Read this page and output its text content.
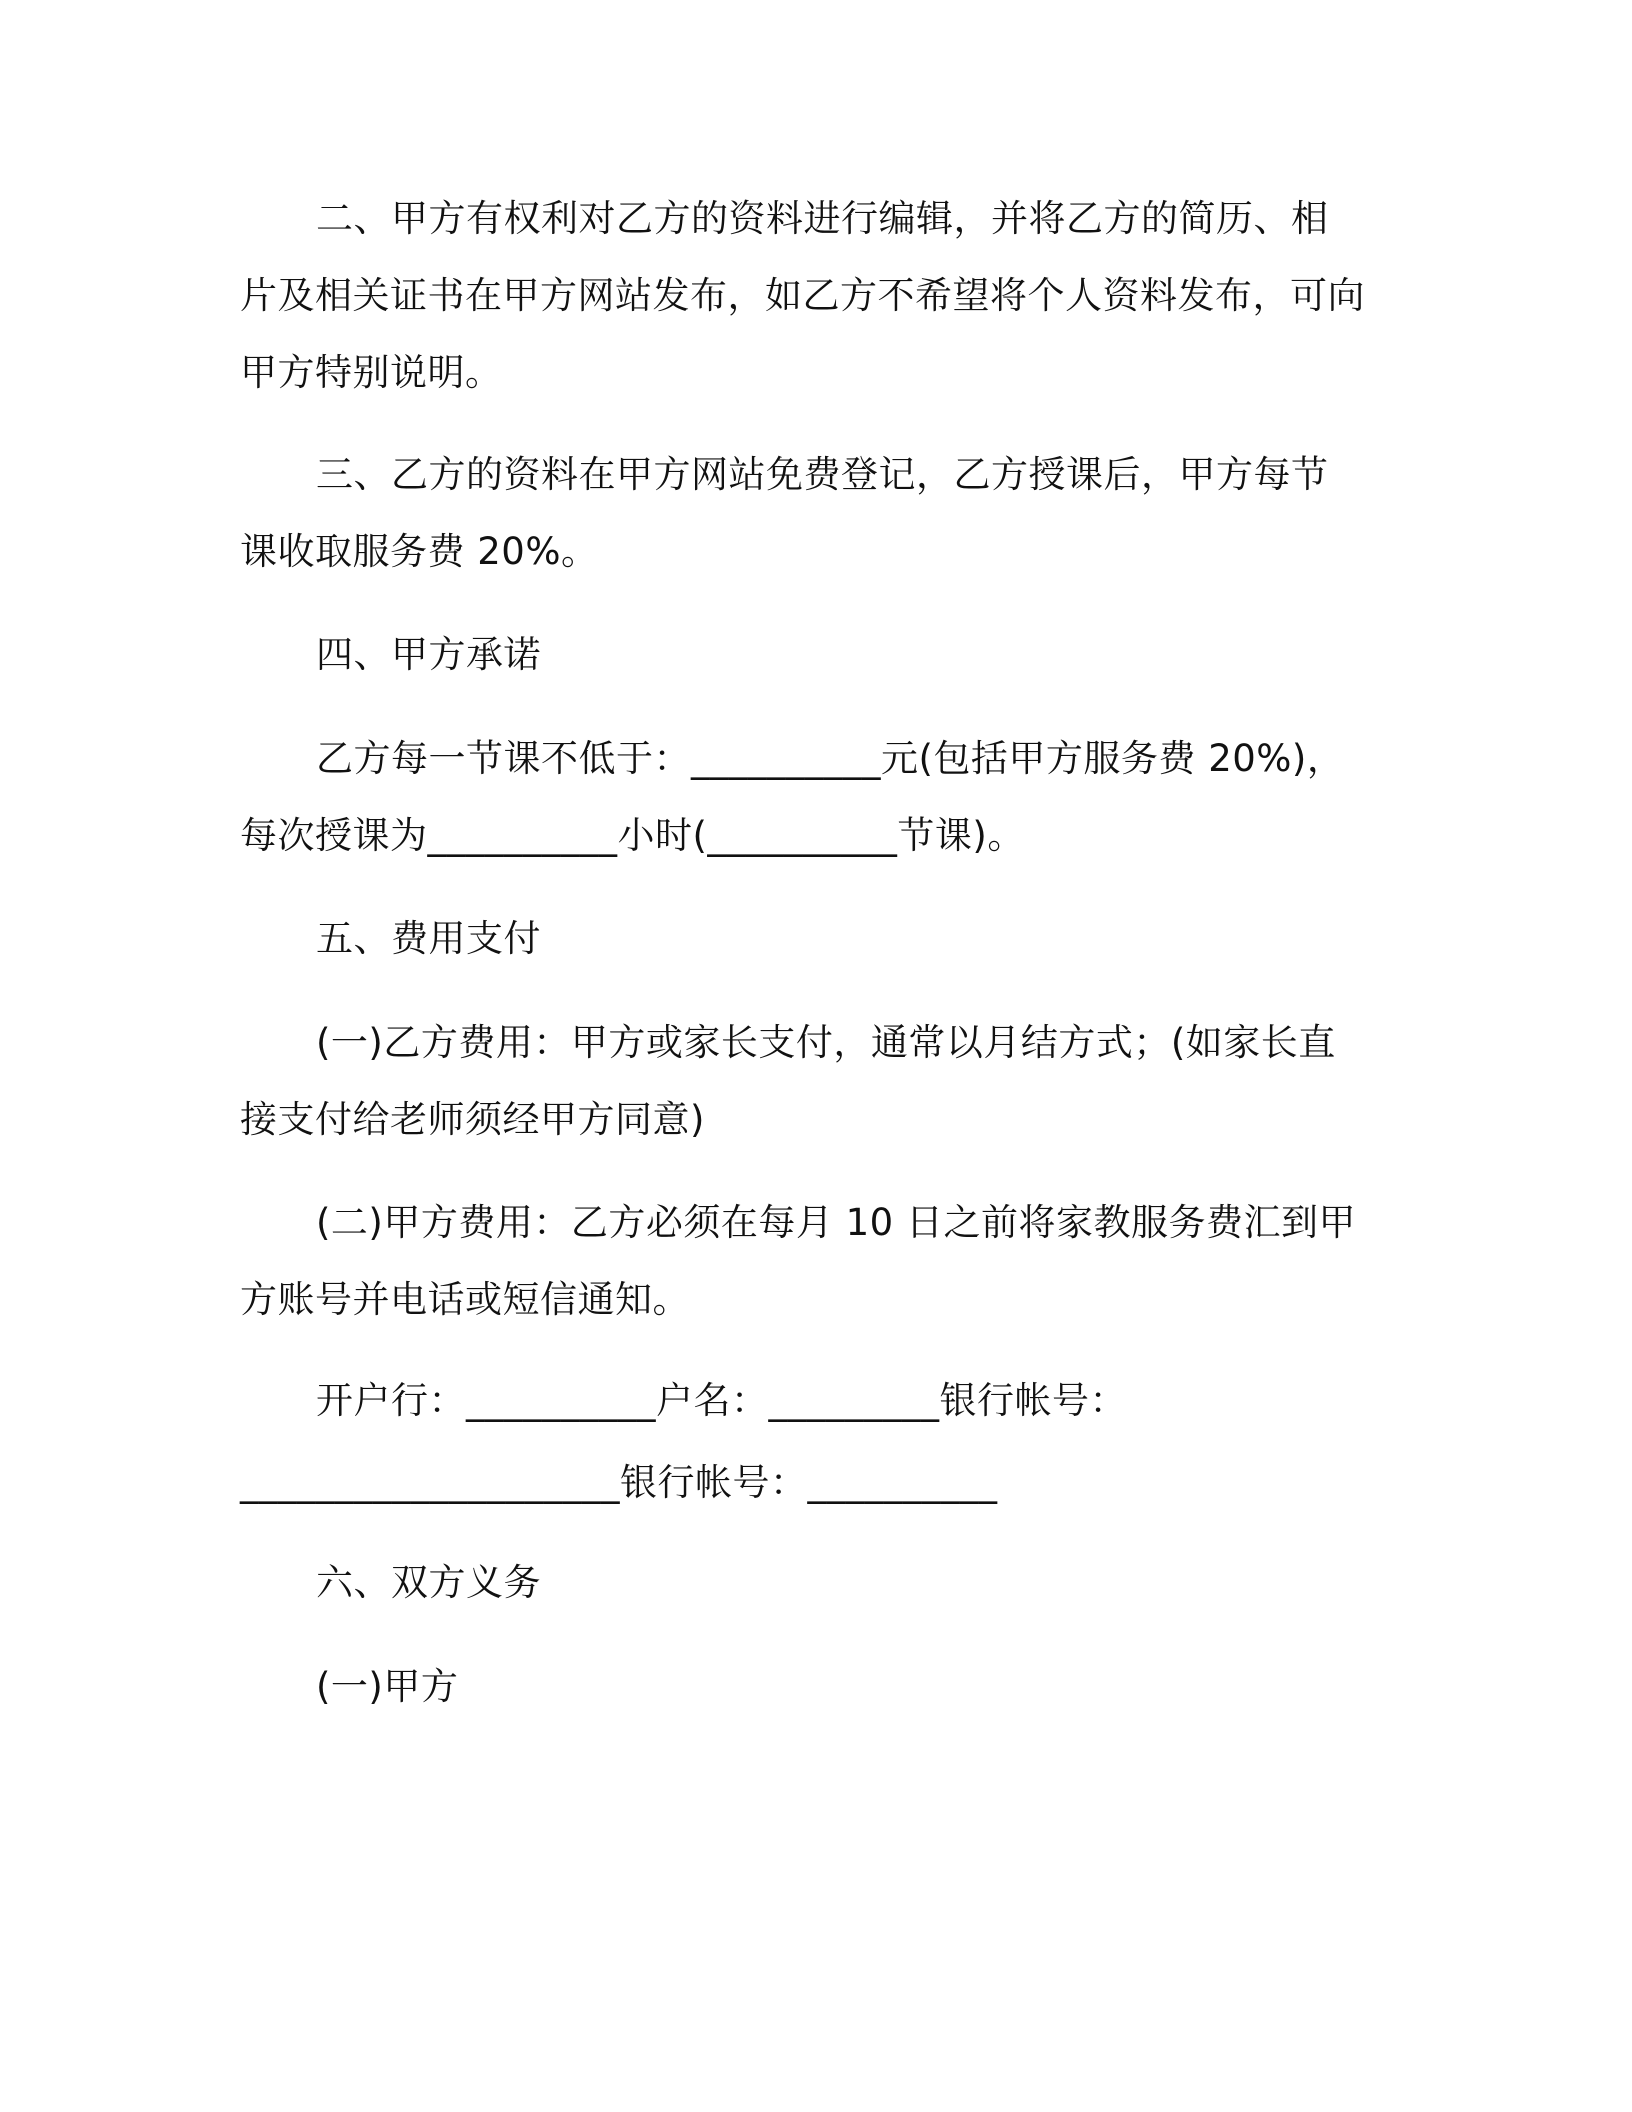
二、甲方有权利对乙方的资料进行编辑，并将乙方的简历、相片及相关证书在甲方网站发布，如乙方不希望将个人资料发布，可向甲方特别说明。

三、乙方的资料在甲方网站免费登记，乙方授课后，甲方每节课收取服务费 20%。

四、甲方承诺

乙方每一节课不低于：__________元(包括甲方服务费 20%)，每次授课为__________小时(__________节课)。

五、费用支付

(一)乙方费用：甲方或家长支付，通常以月结方式；(如家长直接支付给老师须经甲方同意)

(二)甲方费用：乙方必须在每月 10 日之前将家教服务费汇到甲方账号并电话或短信通知。

开户行：__________户名：_________银行帐号：

____________________银行帐号：__________

六、双方义务

(一)甲方
